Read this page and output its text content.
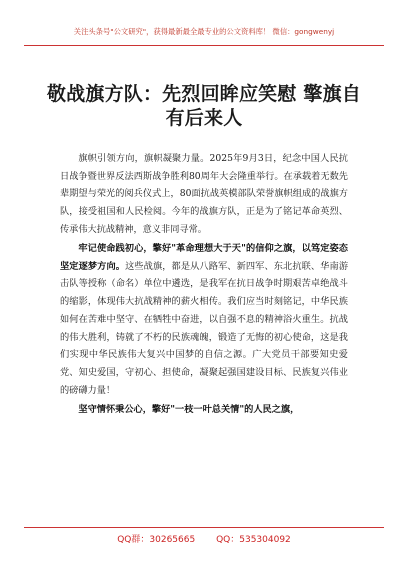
关注头条号"公文研究"，获得最新最全最专业的公文资料库！ 微信：gongwenyj
敬战旗方队：先烈回眸应笑慰 擎旗自有后来人

旗帜引领方向，旗帜凝聚力量。2025年9月3日，纪念中国人民抗日战争暨世界反法西斯战争胜利80周年大会隆重举行。在承载着无数先辈期望与荣光的阅兵仪式上，80面抗战英模部队荣誉旗帜组成的战旗方队，接受祖国和人民检阅。今年的战旗方队，正是为了铭记革命英烈、传承伟大抗战精神，意义非同寻常。

牢记使命践初心，擎好"革命理想大于天"的信仰之旗，以笃定姿态坚定逐梦方向。这些战旗，都是从八路军、新四军、东北抗联、华南游击队等授称（命名）单位中遴选，是我军在抗日战争时期艰苦卓绝战斗的缩影，体现伟大抗战精神的薪火相传。我们应当时刻铭记，中华民族如何在苦难中坚守、在牺牲中奋进，以自强不息的精神浴火重生。抗战的伟大胜利，铸就了不朽的民族魂魄，锻造了无悔的初心使命，这是我们实现中华民族伟大复兴中国梦的自信之源。广大党员干部要知史爱党、知史爱国，守初心、担使命，凝聚起强国建设目标、民族复兴伟业的磅礴力量！

坚守情怀秉公心，擎好"一枝一叶总关情"的人民之旗，

QQ群：30265665 QQ：535304092
